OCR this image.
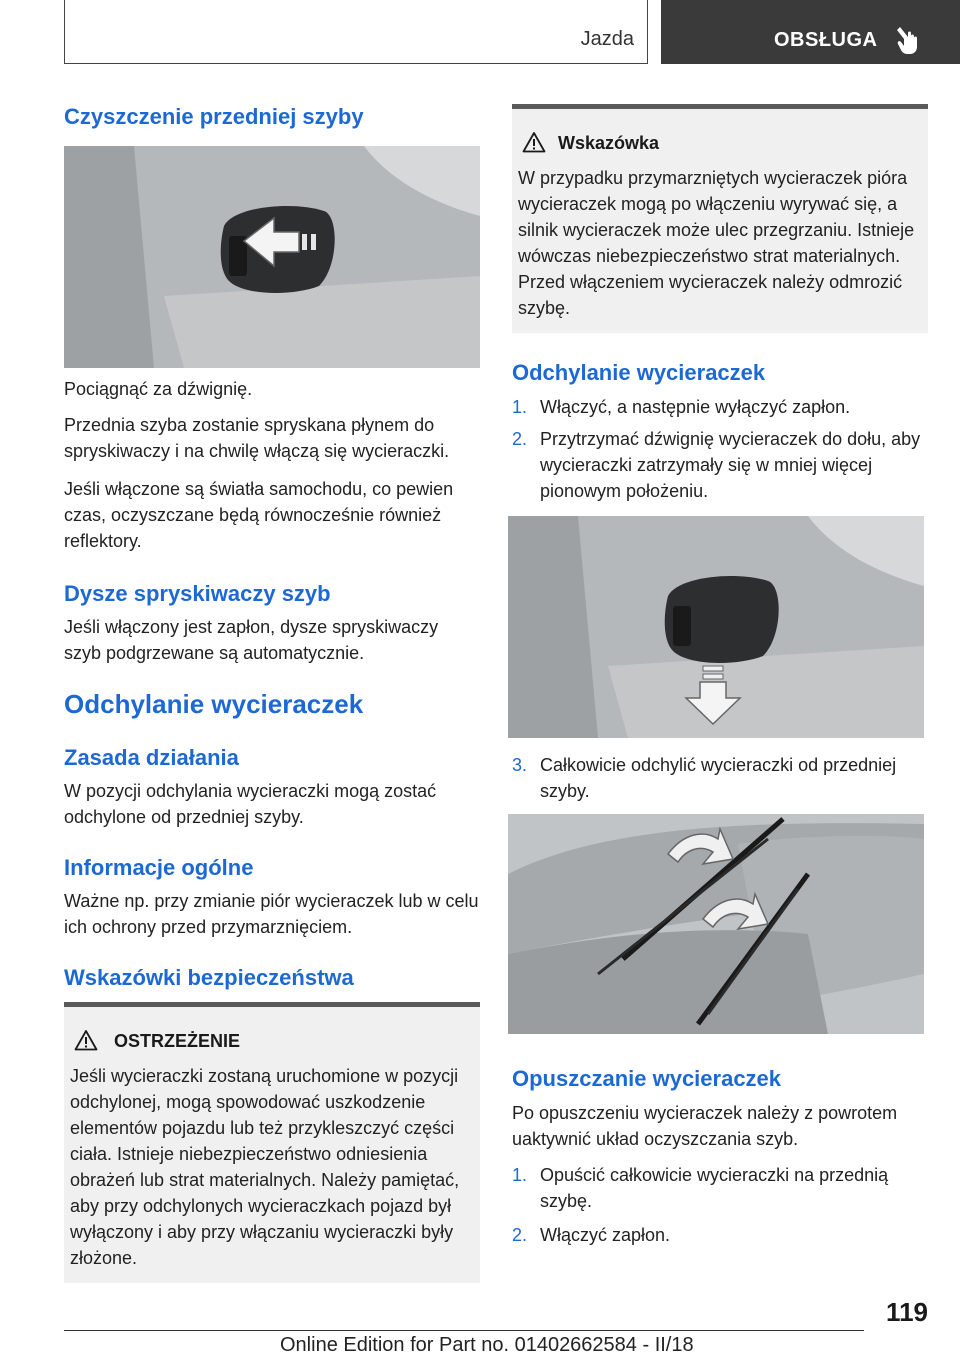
Jazda	OBSŁUGA
Czyszczenie przedniej szyby

Pociągnąć za dźwignię.

Przednia szyba zostanie spryskana płynem do spryskiwaczy i na chwilę włączą się wycieraczki.

Jeśli włączone są światła samochodu, co pewien czas, oczyszczane będą równocześnie również reflektory.

Dysze spryskiwaczy szyb

Jeśli włączony jest zapłon, dysze spryskiwaczy szyb podgrzewane są automatycznie.

Odchylanie wycieraczek
Zasada działania

W pozycji odchylania wycieraczki mogą zostać odchylone od przedniej szyby.

Informacje ogólne

Ważne np. przy zmianie piór wycieraczek lub w celu ich ochrony przed przymarznięciem.

Wskazówki bezpieczeństwa
OSTRZEŻENIE

Jeśli wycieraczki zostaną uruchomione w pozycji odchylonej, mogą spowodować uszkodzenie elementów pojazdu lub też przykleszczyć części ciała. Istnieje niebezpieczeństwo odniesienia obrażeń lub strat materialnych. Należy pamiętać, aby przy odchylonych wycieraczkach pojazd był wyłączony i aby przy włączaniu wycieraczki były złożone.

Wskazówka

W przypadku przymarzniętych wycieraczek pióra wycieraczek mogą po włączeniu wyrywać się, a silnik wycieraczek może ulec przegrzaniu. Istnieje wówczas niebezpieczeństwo strat materialnych. Przed włączeniem wycieraczek należy odmrozić szybę.

Odchylanie wycieraczek
1. Włączyć, a następnie wyłączyć zapłon.
2. Przytrzymać dźwignię wycieraczek do dołu, aby wycieraczki zatrzymały się w mniej więcej pionowym położeniu.
3. Całkowicie odchylić wycieraczki od przedniej szyby.
Opuszczanie wycieraczek

Po opuszczeniu wycieraczek należy z powrotem uaktywnić układ oczyszczania szyb.

1. Opuścić całkowicie wycieraczki na przednią szybę.
2. Włączyć zapłon.
119
Online Edition for Part no. 01402662584 - II/18
